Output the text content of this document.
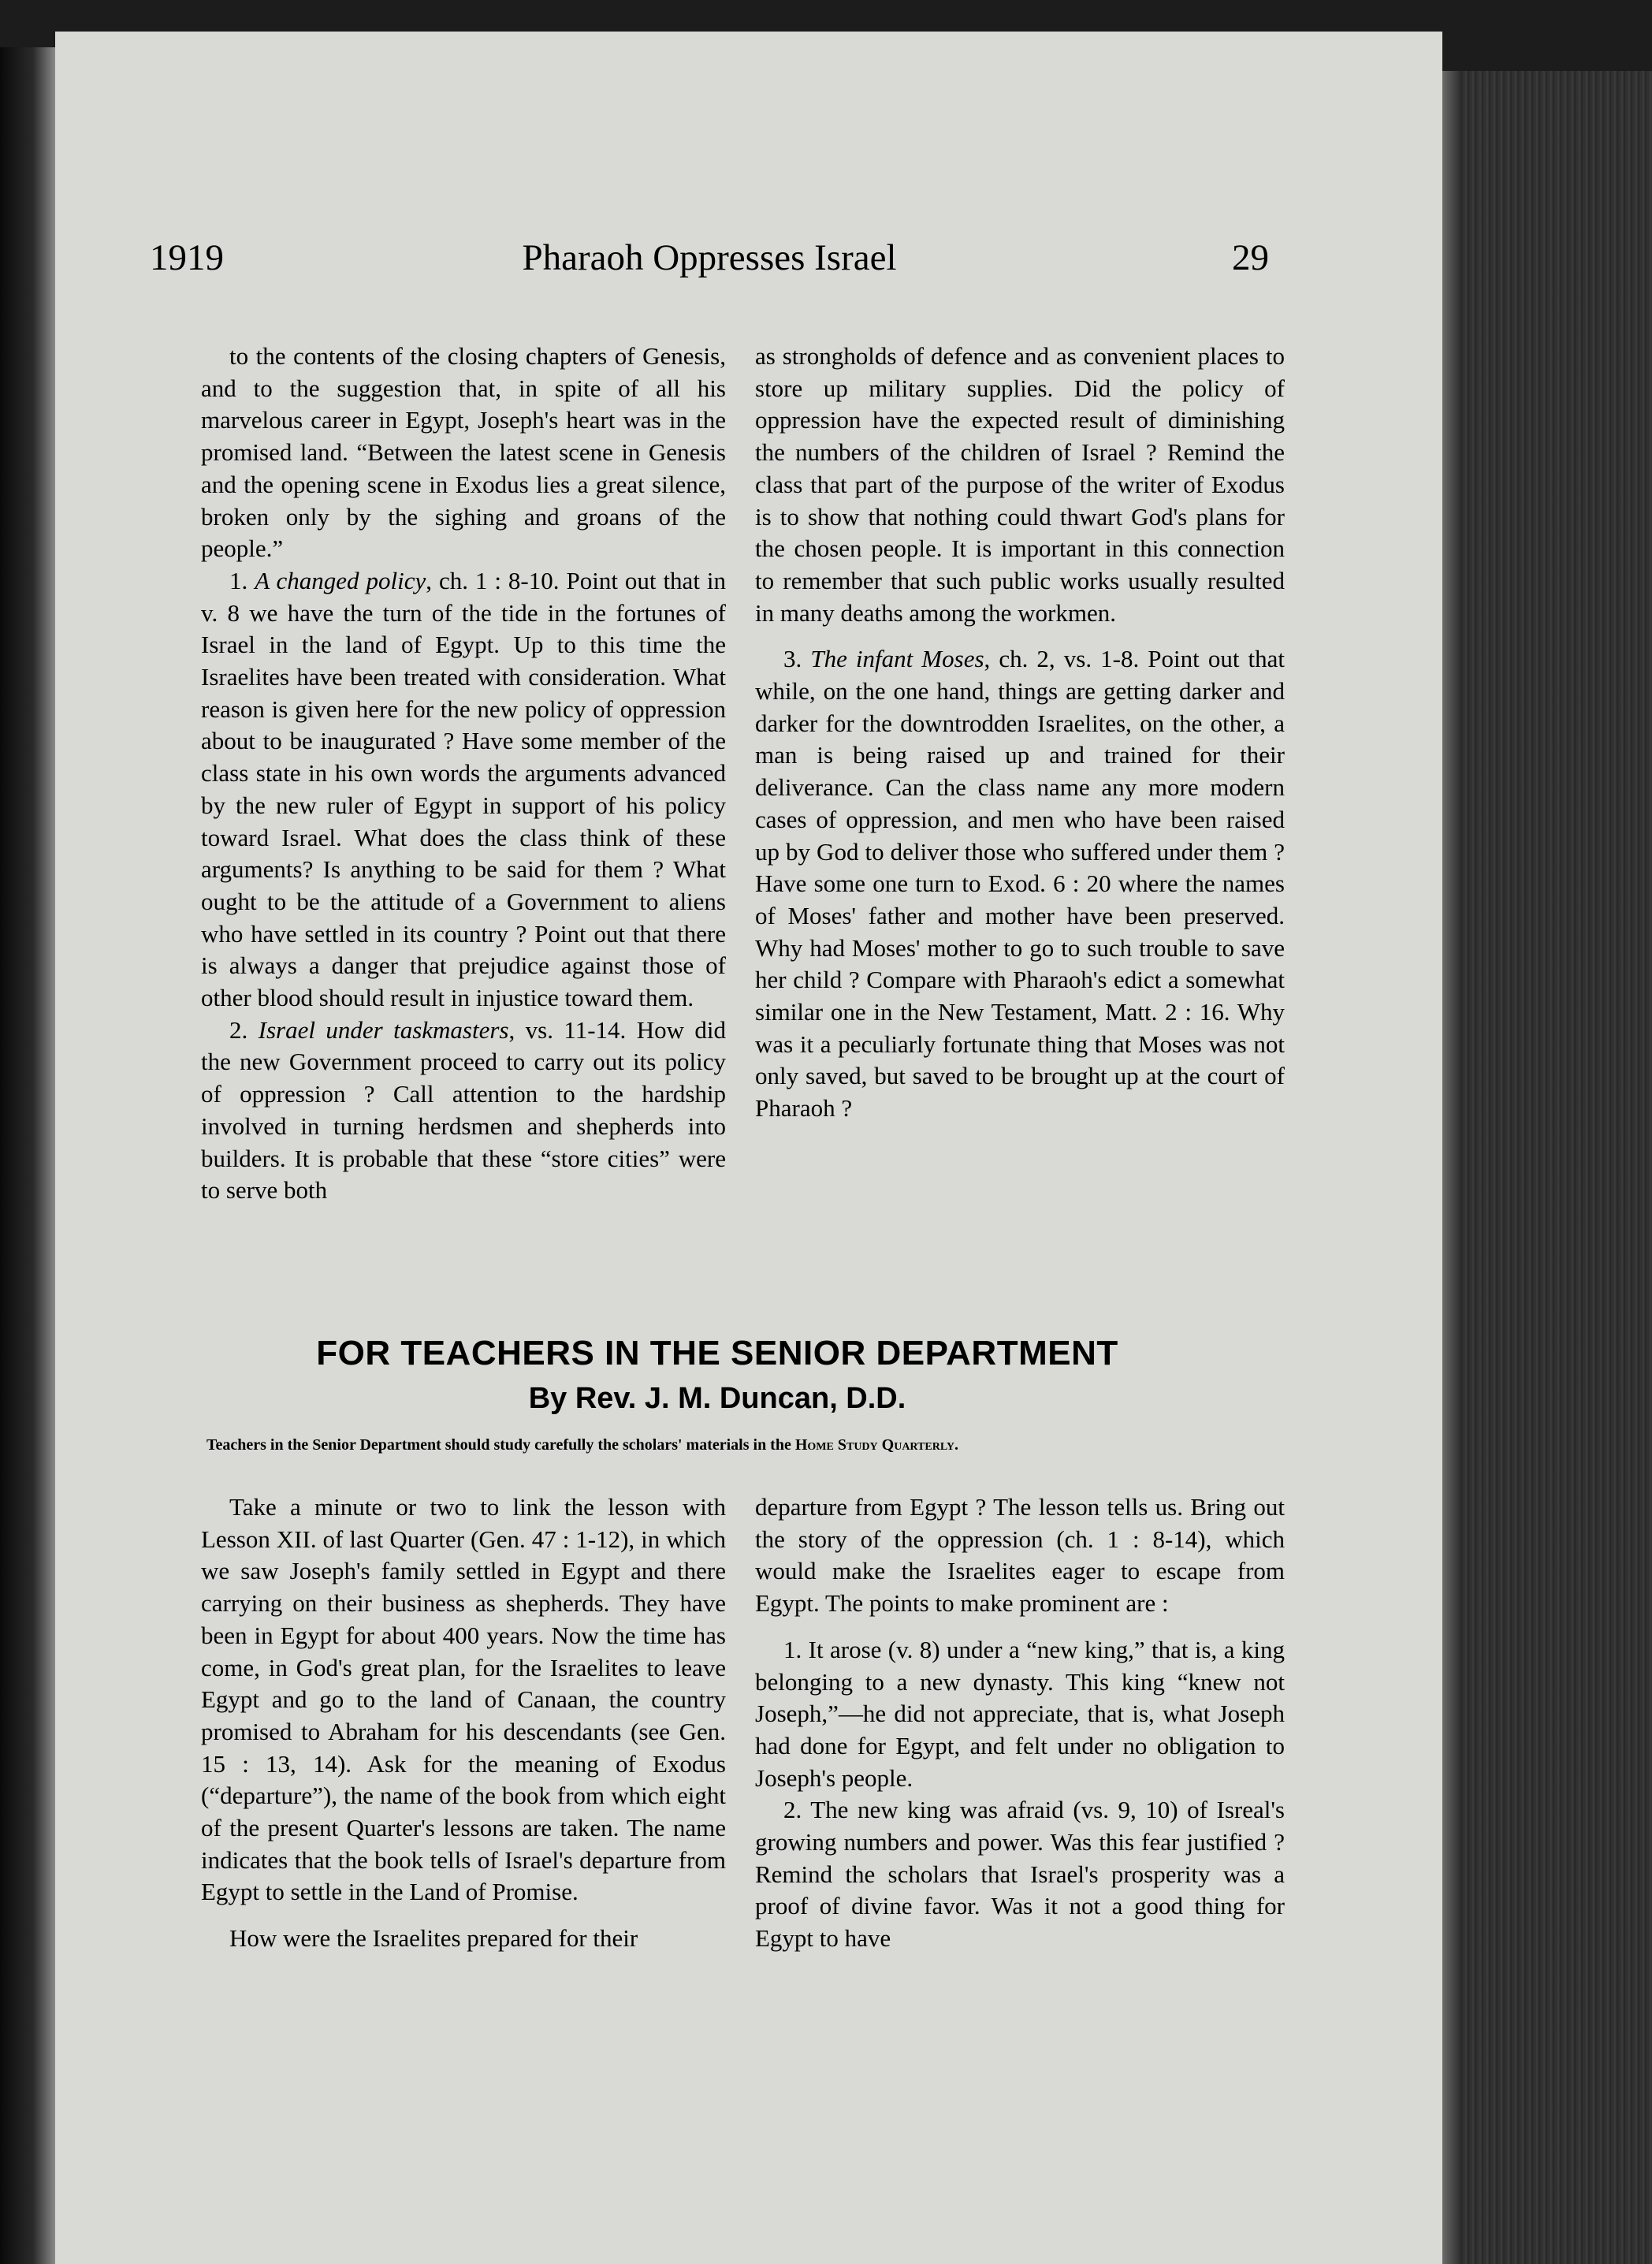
1919	Pharaoh Oppresses Israel	29

to the contents of the closing chapters of Genesis, and to the suggestion that, in spite of all his marvelous career in Egypt, Joseph's heart was in the promised land. “Between the latest scene in Genesis and the opening scene in Exodus lies a great silence, broken only by the sighing and groans of the people.”

1. A changed policy, ch. 1 : 8-10. Point out that in v. 8 we have the turn of the tide in the fortunes of Israel in the land of Egypt. Up to this time the Israelites have been treated with consideration. What reason is given here for the new policy of oppression about to be inaugurated ? Have some member of the class state in his own words the arguments advanced by the new ruler of Egypt in support of his policy toward Israel. What does the class think of these arguments? Is anything to be said for them ? What ought to be the attitude of a Government to aliens who have settled in its country ? Point out that there is always a danger that prejudice against those of other blood should result in injustice toward them.

2. Israel under taskmasters, vs. 11-14. How did the new Government proceed to carry out its policy of oppression ? Call attention to the hardship involved in turning herdsmen and shepherds into builders. It is probable that these “store cities” were to serve both

as strongholds of defence and as convenient places to store up military supplies. Did the policy of oppression have the expected result of diminishing the numbers of the children of Israel ? Remind the class that part of the purpose of the writer of Exodus is to show that nothing could thwart God's plans for the chosen people. It is important in this connection to remember that such public works usually resulted in many deaths among the workmen.

3. The infant Moses, ch. 2, vs. 1-8. Point out that while, on the one hand, things are getting darker and darker for the downtrodden Israelites, on the other, a man is being raised up and trained for their deliverance. Can the class name any more modern cases of oppression, and men who have been raised up by God to deliver those who suffered under them ? Have some one turn to Exod. 6 : 20 where the names of Moses' father and mother have been preserved. Why had Moses' mother to go to such trouble to save her child ? Compare with Pharaoh's edict a somewhat similar one in the New Testament, Matt. 2 : 16. Why was it a peculiarly fortunate thing that Moses was not only saved, but saved to be brought up at the court of Pharaoh ?

FOR TEACHERS IN THE SENIOR DEPARTMENT
By Rev. J. M. Duncan, D.D.
Teachers in the Senior Department should study carefully the scholars' materials in the Home Study Quarterly.

Take a minute or two to link the lesson with Lesson XII. of last Quarter (Gen. 47 : 1-12), in which we saw Joseph's family settled in Egypt and there carrying on their business as shepherds. They have been in Egypt for about 400 years. Now the time has come, in God's great plan, for the Israelites to leave Egypt and go to the land of Canaan, the country promised to Abraham for his descendants (see Gen. 15 : 13, 14). Ask for the meaning of Exodus (“departure”), the name of the book from which eight of the present Quarter's lessons are taken. The name indicates that the book tells of Israel's departure from Egypt to settle in the Land of Promise.

How were the Israelites prepared for their

departure from Egypt ? The lesson tells us. Bring out the story of the oppression (ch. 1 : 8-14), which would make the Israelites eager to escape from Egypt. The points to make prominent are :

1. It arose (v. 8) under a “new king,” that is, a king belonging to a new dynasty. This king “knew not Joseph,”—he did not appreciate, that is, what Joseph had done for Egypt, and felt under no obligation to Joseph's people.

2. The new king was afraid (vs. 9, 10) of Isreal's growing numbers and power. Was this fear justified ? Remind the scholars that Israel's prosperity was a proof of divine favor. Was it not a good thing for Egypt to have
